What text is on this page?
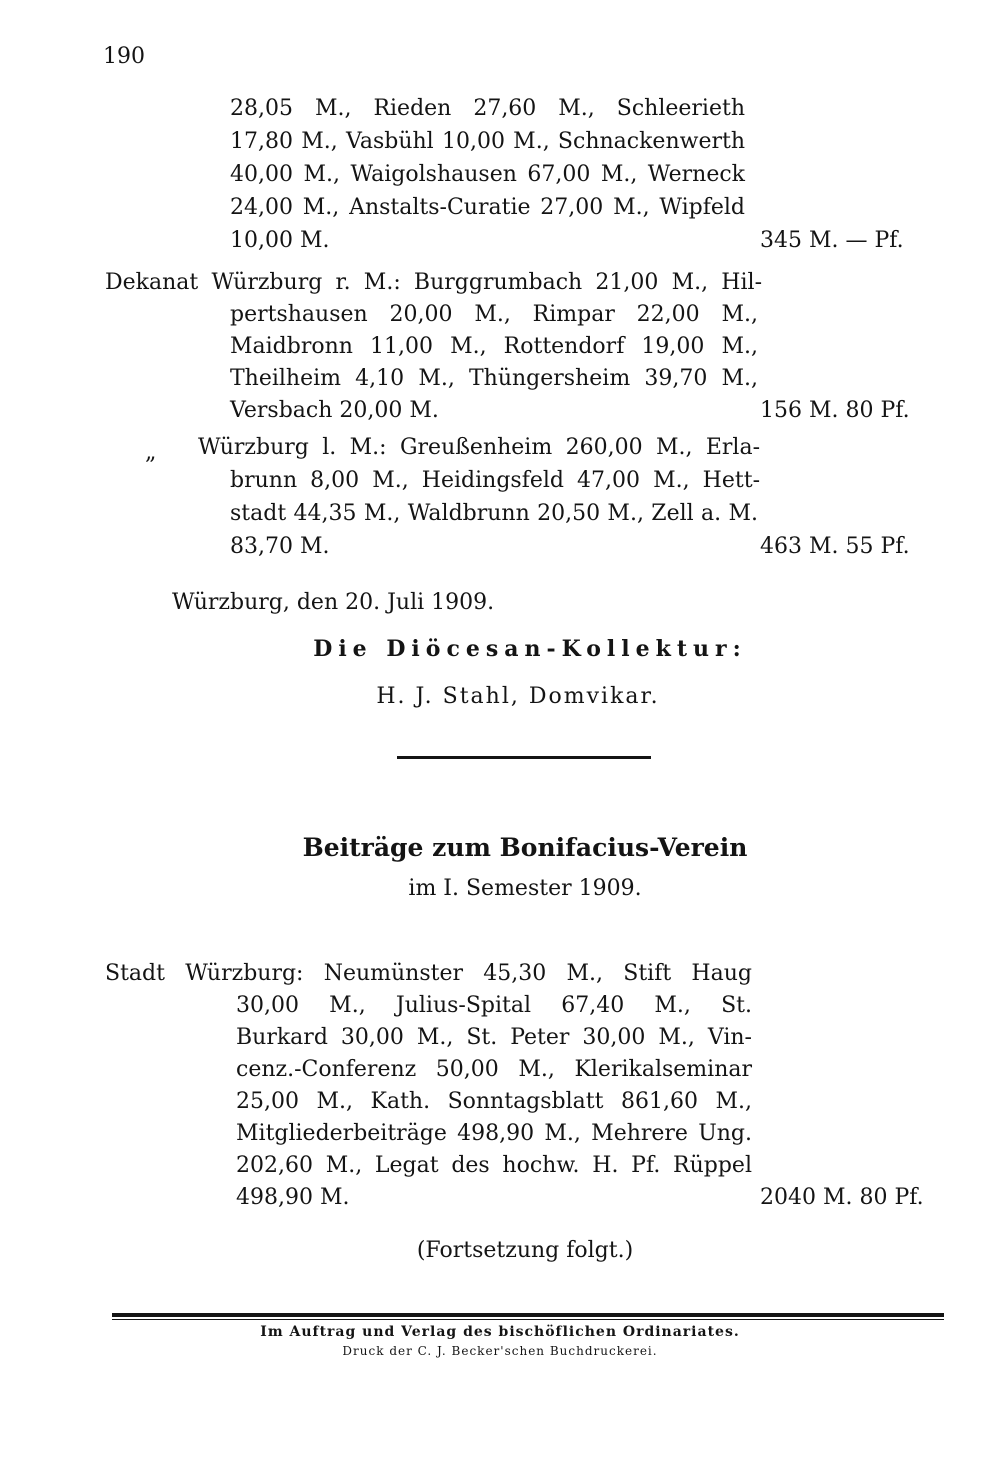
190
28,05 M., Rieden 27,60 M., Schleerieth
17,80 M., Vasbühl 10,00 M., Schnackenwerth
40,00 M., Waigolshausen 67,00 M., Werneck
24,00 M., Anstalts-Curatie 27,00 M., Wipfeld
10,00 M.	345 M. — Pf.
Dekanat Würzburg r. M.: Burggrumbach 21,00 M., Hil-
pertshausen 20,00 M., Rimpar 22,00 M.,
Maidbronn 11,00 M., Rottendorf 19,00 M.,
Theilheim 4,10 M., Thüngersheim 39,70 M.,
Versbach 20,00 M.	156 M. 80 Pf.
„ Würzburg l. M.: Greußenheim 260,00 M., Erla-
brunn 8,00 M., Heidingsfeld 47,00 M., Hett-
stadt 44,35 M., Waldbrunn 20,50 M., Zell a. M.
83,70 M.	463 M. 55 Pf.
Würzburg, den 20. Juli 1909.
Die Diöcesan-Kollektur:
H. J. Stahl, Domvikar.
Beiträge zum Bonifacius-Verein
im I. Semester 1909.
Stadt Würzburg: Neumünster 45,30 M., Stift Haug
30,00 M., Julius-Spital 67,40 M., St.
Burkard 30,00 M., St. Peter 30,00 M., Vin-
cenz.-Conferenz 50,00 M., Klerikalseminar
25,00 M., Kath. Sonntagsblatt 861,60 M.,
Mitgliederbeiträge 498,90 M., Mehrere Ung.
202,60 M., Legat des hochw. H. Pf. Rüppel
498,90 M.	2040 M. 80 Pf.
(Fortsetzung folgt.)
Im Auftrag und Verlag des bischöflichen Ordinariates.
Druck der C. J. Becker'schen Buchdruckerei.
